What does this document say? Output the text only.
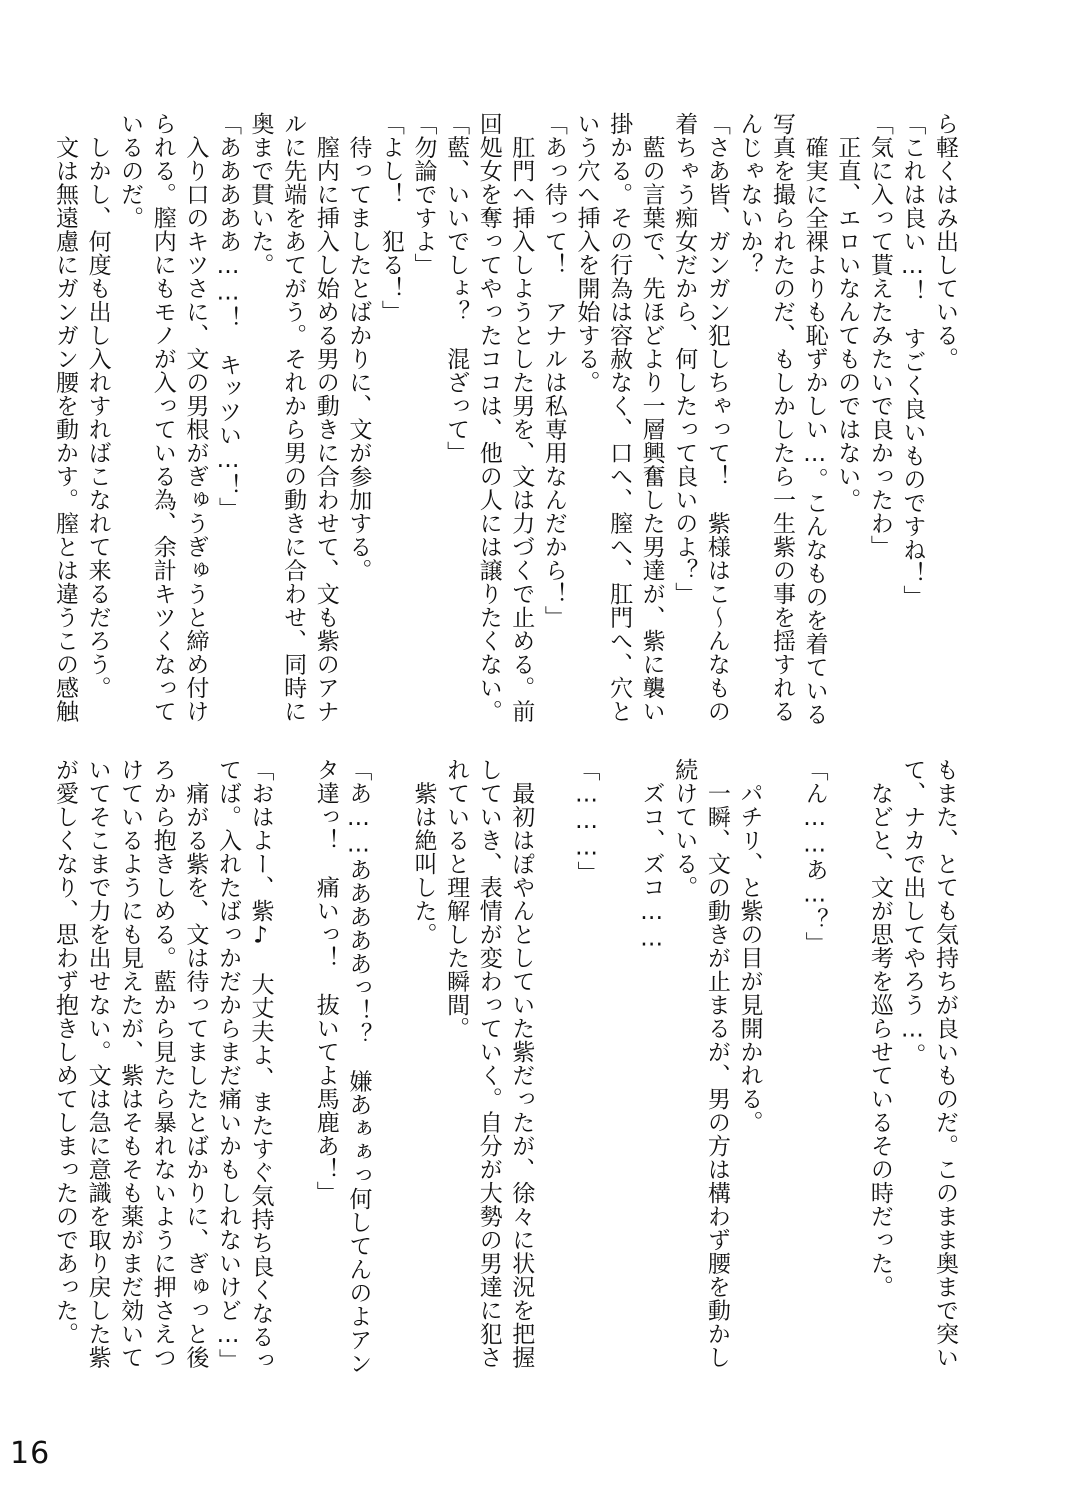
ら軽くはみ出している。
「これは良い…！　すごく良いものですね！」
「気に入って貰えたみたいで良かったわ」
　正直、エロいなんてものではない。
　確実に全裸よりも恥ずかしい…。こんなものを着ている
写真を撮られたのだ、もしかしたら一生紫の事を揺すれる
んじゃないか？
「さあ皆、ガンガン犯しちゃって！　紫様はこ～んなもの
着ちゃう痴女だから、何したって良いのよ？」
　藍の言葉で、先ほどより一層興奮した男達が、紫に襲い
掛かる。その行為は容赦なく、口へ、膣へ、肛門へ、穴と
いう穴へ挿入を開始する。
「あっ待って！　アナルは私専用なんだから！」
　肛門へ挿入しようとした男を、文は力づくで止める。前
回処女を奪ってやったココは、他の人には譲りたくない。
「藍、いいでしょ？　混ざって」
「勿論ですよ」
「よし！　犯る！」
　待ってましたとばかりに、文が参加する。
　膣内に挿入し始める男の動きに合わせて、文も紫のアナ
ルに先端をあてがう。それから男の動きに合わせ、同時に
奥まで貫いた。
「あああああ……！　キッツい…！」
　入り口のキツさに、文の男根がぎゅうぎゅうと締め付け
られる。膣内にもモノが入っている為、余計キツくなって
いるのだ。
　しかし、何度も出し入れすればこなれて来るだろう。
　文は無遠慮にガンガン腰を動かす。膣とは違うこの感触
もまた、とても気持ちが良いものだ。このまま奥まで突い
て、ナカで出してやろう…。
　などと、文が思考を巡らせているその時だった。

「ん……あ…？」

　パチリ、と紫の目が見開かれる。
　一瞬、文の動きが止まるが、男の方は構わず腰を動かし
続けている。
　ズコ、ズコ……

「………」

　最初はぽやんとしていた紫だったが、徐々に状況を把握
していき、表情が変わっていく。自分が大勢の男達に犯さ
れていると理解した瞬間。
　紫は絶叫した。

「あ……あああああっ！？　嫌あぁぁっ何してんのよアン
タ達っ！　痛いっ！　抜いてよ馬鹿あ！」

「おはよー、紫♪　大丈夫よ、またすぐ気持ち良くなるっ
てば。入れたばっかだからまだ痛いかもしれないけど…」
　痛がる紫を、文は待ってましたとばかりに、ぎゅっと後
ろから抱きしめる。藍から見たら暴れないように押さえつ
けているようにも見えたが、紫はそもそも薬がまだ効いて
いてそこまで力を出せない。文は急に意識を取り戻した紫
が愛しくなり、思わず抱きしめてしまったのであった。
16
